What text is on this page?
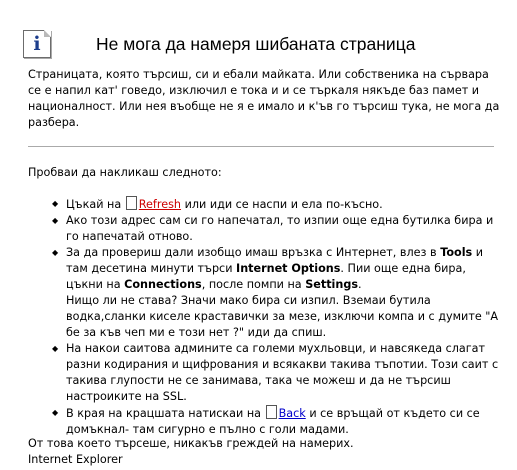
i	Не мога да намеря шибаната страница

Страницата, която търсиш, си и ебали майката. Или собственика на сървара се е напил кат' говедо, изключил е тока и и се търкаля някъде баз памет и националност. Или нея въобще не я е имало и к'ъв го търсиш тука, не мога да разбера.

Пробваи да накликаш следното:

◆ Цъкай на Refresh или иди се наспи и ела по-късно.
◆ Ако този адрес сам си го напечатал, то изпии още една бутилка бира и го напечатай отново.
◆ За да провериш дали изобщо имаш връзка с Интернет, влез в Tools и там десетина минути търси Internet Options. Пии още една бира, цъкни на Connections, после помпи на Settings.
Нищо ли не става? Значи мако бира си изпил. Вземаи бутила водка,сланки киселе краставички за мезе, изключи компа и с думите "А бе за къв чеп ми е този нет ?" иди да спиш.
◆ На накои саитова админите са големи мухльовци, и навсякеда слагат разни кодирания и щифрования и всякакви такива тъпотии. Този саит с такива глупости не се занимава, така че можеш и да не търсиш настроиките на SSL.
◆ В края на крацшата натискаи на Back и се връщай от където си се домъкнал- там сигурно е пълно с голи мадами.

От това което търсеше, никакъв греждей на намерих.

Internet Explorer
